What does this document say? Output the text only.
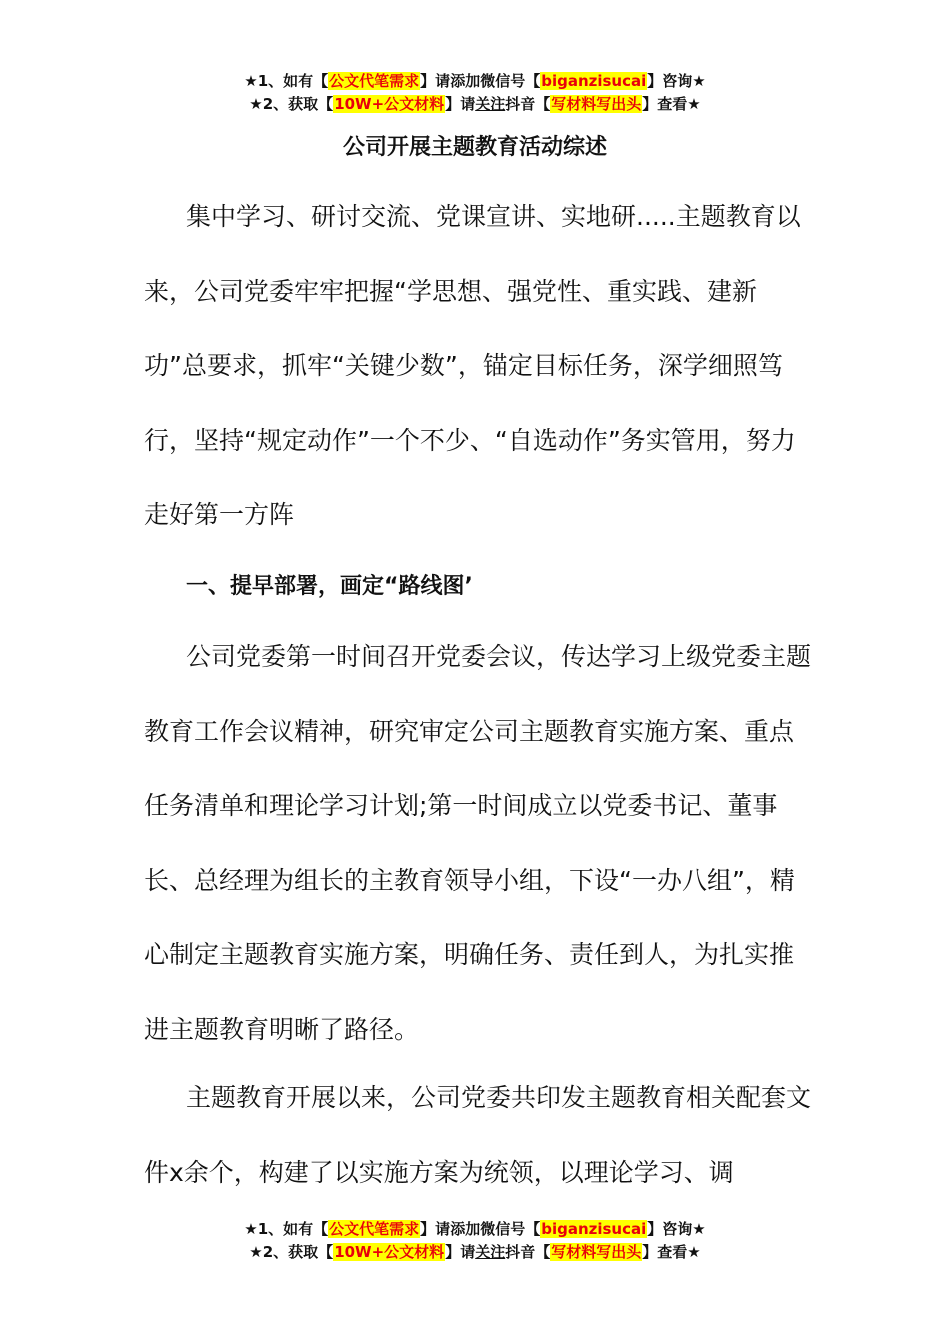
★1、如有【公文代笔需求】请添加微信号【biganzisucai】咨询★
★2、获取【10W+公文材料】请关注抖音【写材料写出头】查看★
公司开展主题教育活动综述

集中学习、研讨交流、党课宣讲、实地研.....主题教育以来，公司党委牢牢把握“学思想、强党性、重实践、建新功”总要求，抓牢“关键少数”，锚定目标任务，深学细照笃行，坚持“规定动作”一个不少、“自选动作”务实管用，努力走好第一方阵

一、提早部署，画定“路线图’

公司党委第一时间召开党委会议，传达学习上级党委主题教育工作会议精神，研究审定公司主题教育实施方案、重点任务清单和理论学习计划;第一时间成立以党委书记、董事长、总经理为组长的主教育领导小组，下设“一办八组”，精心制定主题教育实施方案，明确任务、责任到人，为扎实推进主题教育明晰了路径。

主题教育开展以来，公司党委共印发主题教育相关配套文件x余个，构建了以实施方案为统领，以理论学习、调

★1、如有【公文代笔需求】请添加微信号【biganzisucai】咨询★
★2、获取【10W+公文材料】请关注抖音【写材料写出头】查看★
